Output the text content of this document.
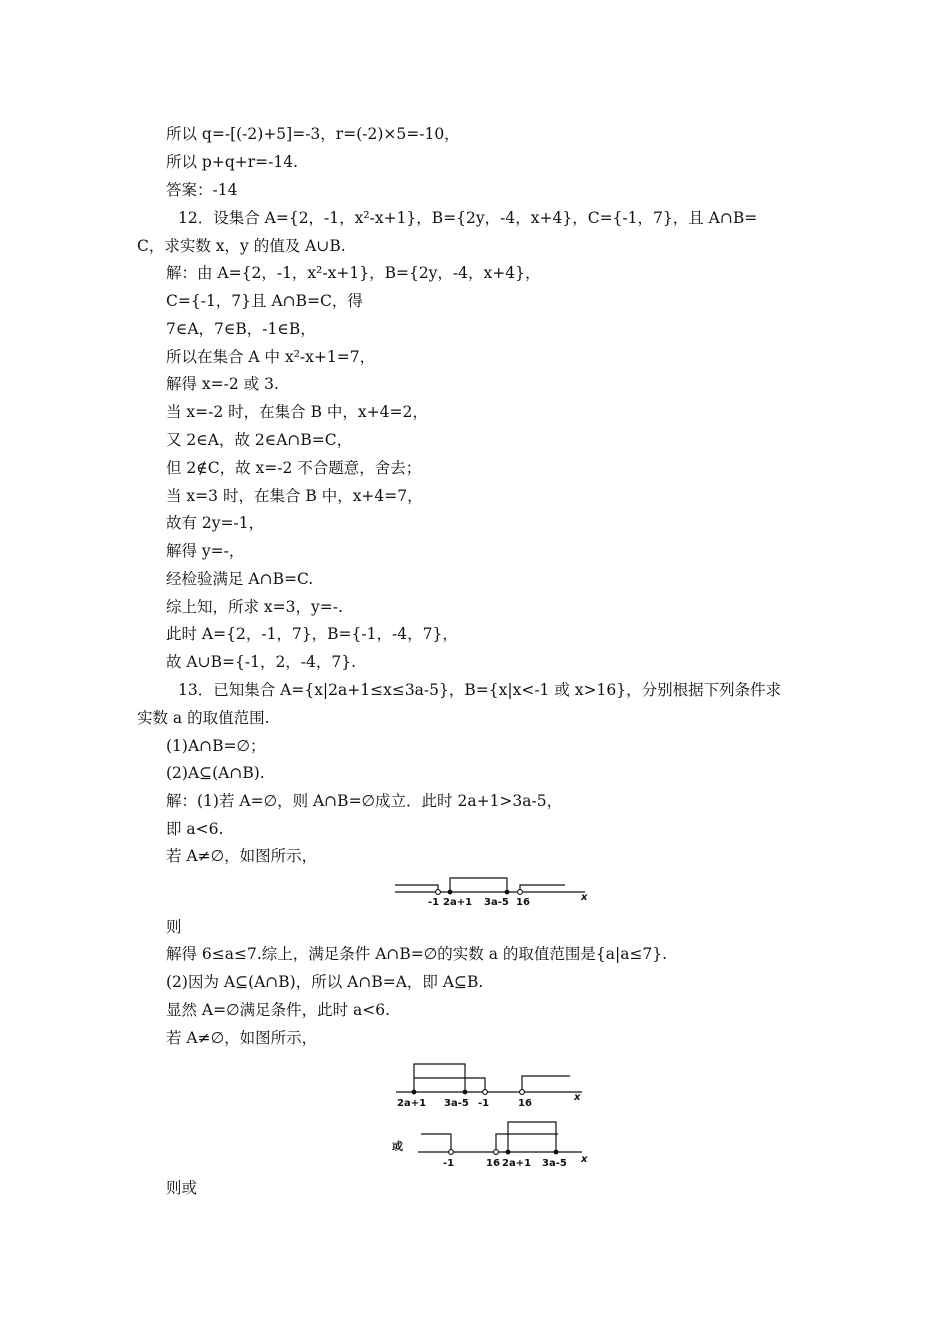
所以 q=-[(-2)+5]=-3，r=(-2)×5=-10，
所以 p+q+r=-14.
答案：-14
12．设集合 A={2，-1，x²-x+1}，B={2y，-4，x+4}，C={-1，7}，且 A∩B=
C，求实数 x，y 的值及 A∪B.
解：由 A={2，-1，x²-x+1}，B={2y，-4，x+4}，
C={-1，7}且 A∩B=C，得
7∈A，7∈B，-1∈B，
所以在集合 A 中 x²-x+1=7，
解得 x=-2 或 3.
当 x=-2 时，在集合 B 中，x+4=2，
又 2∈A，故 2∈A∩B=C，
但 2∉C，故 x=-2 不合题意，舍去；
当 x=3 时，在集合 B 中，x+4=7，
故有 2y=-1，
解得 y=-，
经检验满足 A∩B=C.
综上知，所求 x=3，y=-.
此时 A={2，-1，7}，B={-1，-4，7}，
故 A∪B={-1，2，-4，7}.
13．已知集合 A={x|2a+1≤x≤3a-5}，B={x|x<-1 或 x>16}，分别根据下列条件求
实数 a 的取值范围.
(1)A∩B=∅；
(2)A⊆(A∩B).
解：(1)若 A=∅，则 A∩B=∅成立．此时 2a+1>3a-5，
即 a<6.
若 A≠∅，如图所示，
-1 2a+1 3a-5 16	x
则
解得 6≤a≤7.综上，满足条件 A∩B=∅的实数 a 的取值范围是{a|a≤7}.
(2)因为 A⊆(A∩B)，所以 A∩B=A，即 A⊆B.
显然 A=∅满足条件，此时 a<6.
若 A≠∅，如图所示，
2a+1 3a-5 -1	16
x
或
-1	16 2a+1 3a-5 x
则或
